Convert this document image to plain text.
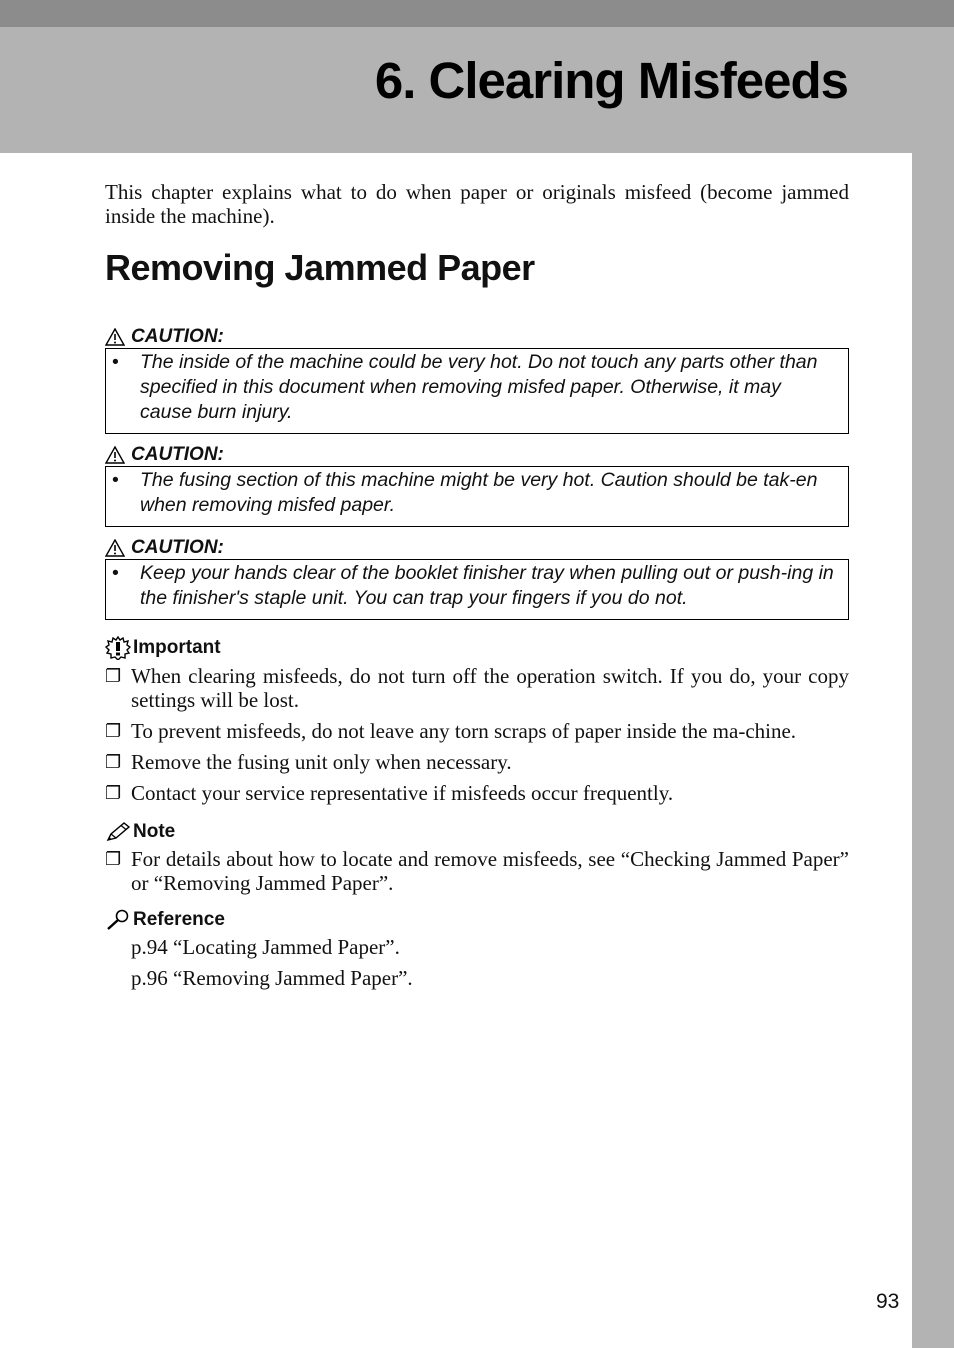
6. Clearing Misfeeds

This chapter explains what to do when paper or originals misfeed (become jammed inside the machine).

Removing Jammed Paper
CAUTION:
•	The inside of the machine could be very hot. Do not touch any parts other than specified in this document when removing misfed paper. Otherwise, it may cause burn injury.
CAUTION:
•	The fusing section of this machine might be very hot. Caution should be tak-en when removing misfed paper.
CAUTION:
•	Keep your hands clear of the booklet finisher tray when pulling out or push-ing in the finisher's staple unit. You can trap your fingers if you do not.
Important
❐ When clearing misfeeds, do not turn off the operation switch. If you do, your copy settings will be lost.
❐ To prevent misfeeds, do not leave any torn scraps of paper inside the ma-chine.
❐ Remove the fusing unit only when necessary.
❐ Contact your service representative if misfeeds occur frequently.
Note
❐ For details about how to locate and remove misfeeds, see “Checking Jammed Paper” or “Removing Jammed Paper”.
Reference
p.94 “Locating Jammed Paper”.
p.96 “Removing Jammed Paper”.
93
